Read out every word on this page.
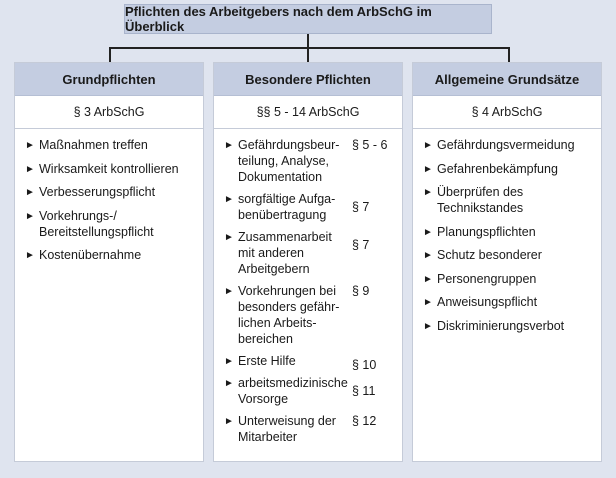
Pflichten des Arbeitgebers nach dem ArbSchG im Überblick
Grundpflichten
§ 3 ArbSchG
► Maßnahmen treffen
► Wirksamkeit kontrollieren
► Verbesserungspflicht
► Vorkehrungs-/ Bereitstellungspflicht
► Kostenübernahme
Besondere Pflichten
§§ 5 - 14 ArbSchG
► Gefährdungsbeurteilung, Analyse, Dokumentation
§ 5 - 6
► sorgfältige Aufgabenübertragung
§ 7
► Zusammenarbeit mit anderen Arbeitgebern
§ 7
► Vorkehrungen bei besonders gefährlichen Arbeitsbereichen
§ 9
► Erste Hilfe	§ 10
► arbeitsmedizinische Vorsorge
§ 11
► Unterweisung der Mitarbeiter
§ 12
Allgemeine Grundsätze
§ 4 ArbSchG
► Gefährdungsvermeidung
► Gefahrenbekämpfung
► Überprüfen des Technikstandes
► Planungspflichten
► Schutz besonderer
► Personengruppen
► Anweisungspflicht
► Diskriminierungsverbot
